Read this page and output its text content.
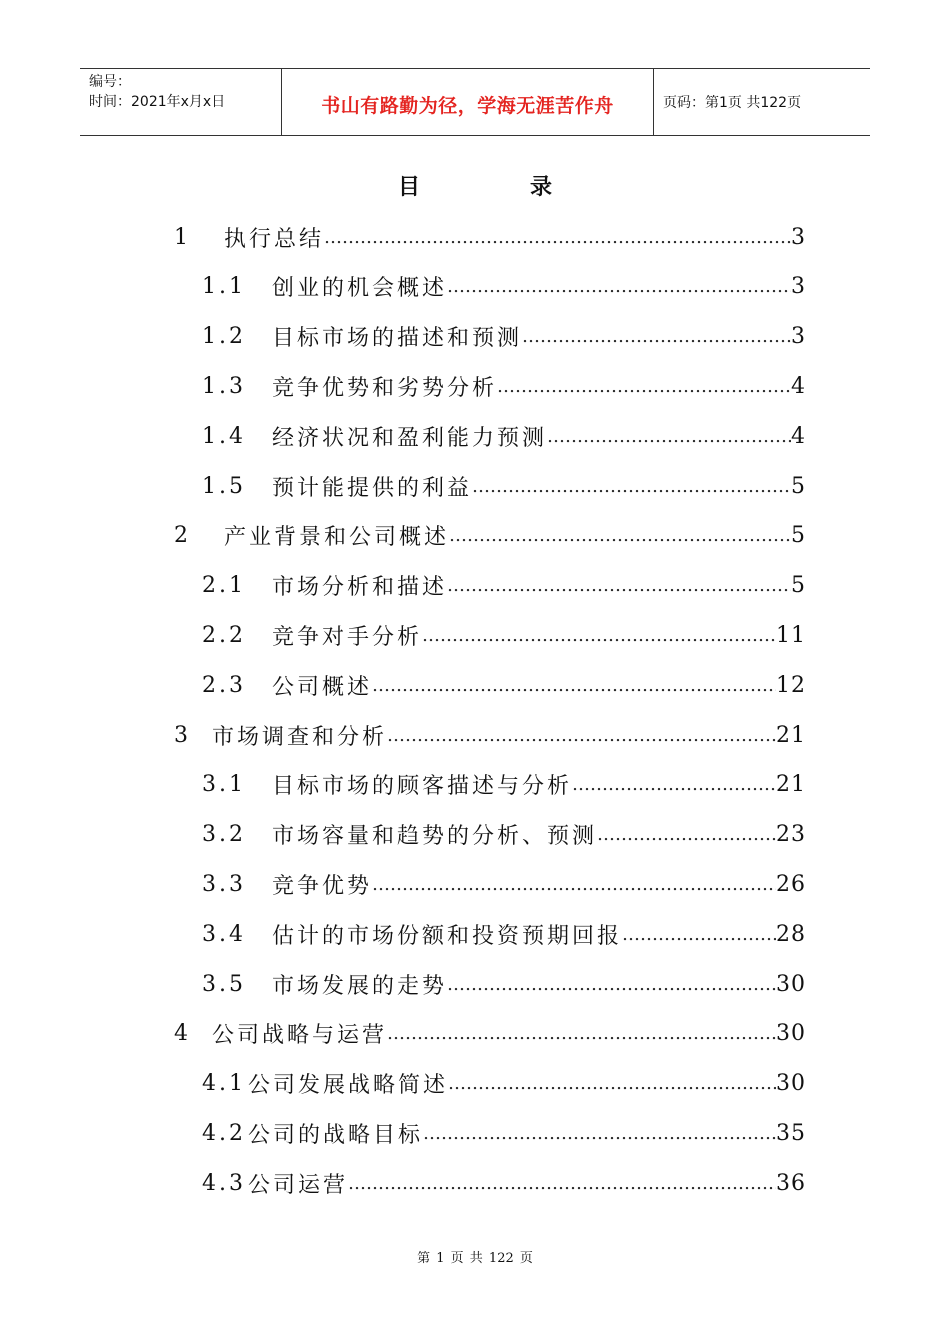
编号：
时间：2021年x月x日	书山有路勤为径，学海无涯苦作舟	页码：第1页 共122页
目	录
1	执行总结 …………………………………………………………………………………………………………………………………………………………	3
1.1	创业的机会概述 …………………………………………………………………………………………………………………………………………………………	3
1.2	目标市场的描述和预测 …………………………………………………………………………………………………………………………………………………………	3
1.3	竞争优势和劣势分析 …………………………………………………………………………………………………………………………………………………………	4
1.4	经济状况和盈利能力预测 …………………………………………………………………………………………………………………………………………………………	4
1.5	预计能提供的利益 …………………………………………………………………………………………………………………………………………………………	5
2	产业背景和公司概述 …………………………………………………………………………………………………………………………………………………………	5
2.1	市场分析和描述 …………………………………………………………………………………………………………………………………………………………	5
2.2	竞争对手分析 …………………………………………………………………………………………………………………………………………………………	11
2.3	公司概述 …………………………………………………………………………………………………………………………………………………………	12
3 市场调查和分析 …………………………………………………………………………………………………………………………………………………………	21
3.1	目标市场的顾客描述与分析 …………………………………………………………………………………………………………………………………………………………	21
3.2	市场容量和趋势的分析、预测 …………………………………………………………………………………………………………………………………………………………	23
3.3	竞争优势 …………………………………………………………………………………………………………………………………………………………	26
3.4	估计的市场份额和投资预期回报 …………………………………………………………………………………………………………………………………………………………	28
3.5	市场发展的走势 …………………………………………………………………………………………………………………………………………………………	30
4 公司战略与运营 …………………………………………………………………………………………………………………………………………………………	30
4.1 公司发展战略简述 …………………………………………………………………………………………………………………………………………………………	30
4.2 公司的战略目标 …………………………………………………………………………………………………………………………………………………………	35
4.3 公司运营 …………………………………………………………………………………………………………………………………………………………	36
第 1 页 共 122 页
